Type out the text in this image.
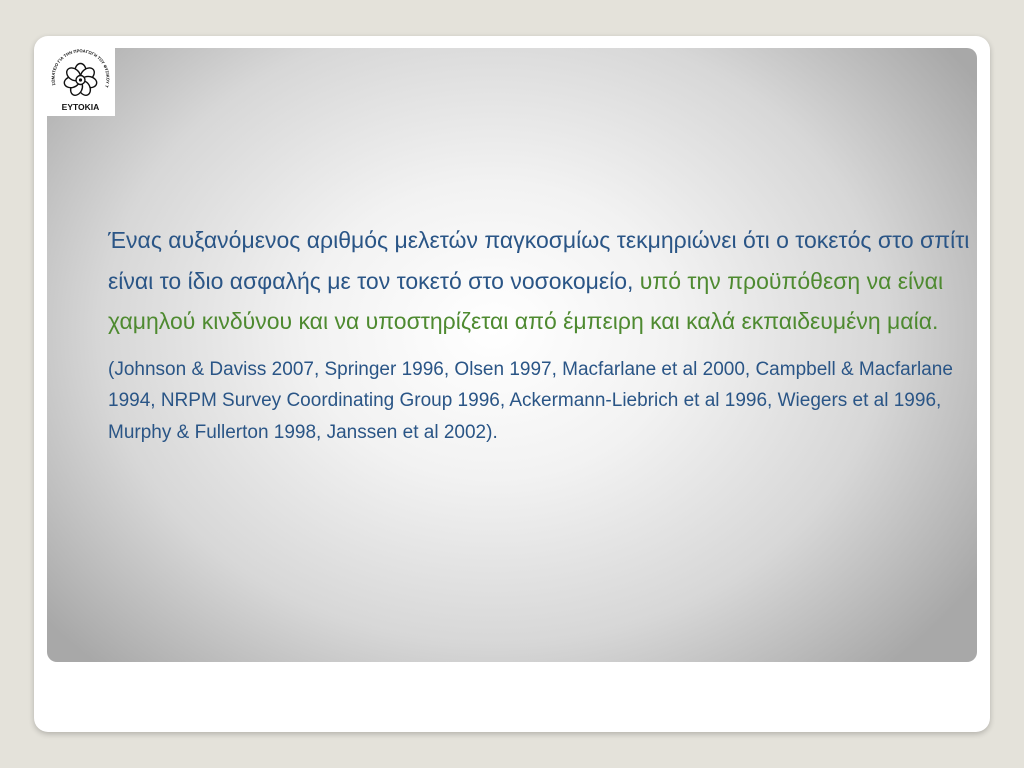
Ένας αυξανόμενος αριθμός μελετών παγκοσμίως τεκμηριώνει ότι ο τοκετός στο σπίτι είναι το ίδιο ασφαλής με τον τοκετό στο νοσοκομείο, υπό την προϋπόθεση να είναι χαμηλού κινδύνου και να υποστηρίζεται από έμπειρη και καλά εκπαιδευμένη μαία.

(Johnson & Daviss 2007, Springer 1996, Olsen 1997, Macfarlane et al 2000, Campbell & Macfarlane 1994, NRPM Survey Coordinating Group 1996, Ackermann-Liebrich et al 1996, Wiegers et al 1996, Murphy & Fullerton 1998, Janssen et al 2002).

ΣΩΜΑΤΕΙΟ ΓΙΑ ΤΗΝ ΠΡΟΑΓΩΓΗ ΤΟΥ ΦΥΣΙΚΟΥ Τ
ΕΥΤΟΚΙΑ
